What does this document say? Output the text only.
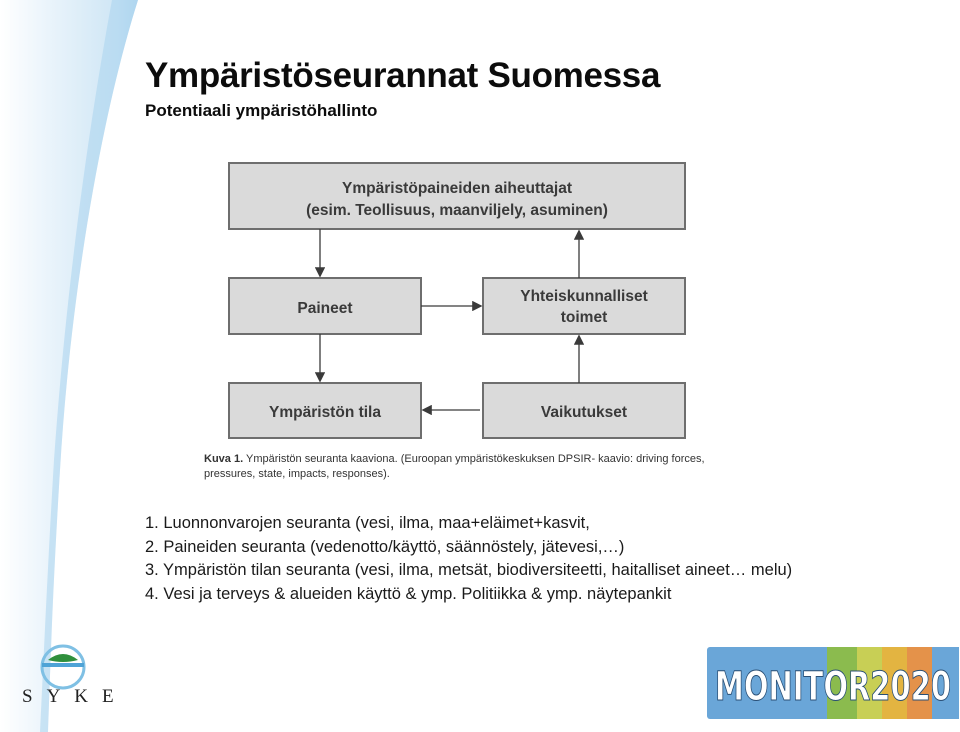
Ympäristöseurannat Suomessa
Potentiaali ympäristöhallinto
Ympäristöpaineiden aiheuttajat
(esim. Teollisuus, maanviljely, asuminen)
Paineet
Yhteiskunnalliset
toimet
Ympäristön tila	Vaikutukset
Kuva 1. Ympäristön seuranta kaaviona. (Euroopan ympäristökeskuksen DPSIR- kaavio: driving forces, pressures, state, impacts, responses).
1. Luonnonvarojen seuranta (vesi, ilma, maa+eläimet+kasvit,
2. Paineiden seuranta (vedenotto/käyttö, säännöstely, jätevesi,…)
3. Ympäristön tilan seuranta (vesi, ilma, metsät, biodiversiteetti, haitalliset aineet… melu)
4. Vesi ja terveys & alueiden käyttö & ymp. Politiikka & ymp. näytepankit
SYKE	MONITOR2020
